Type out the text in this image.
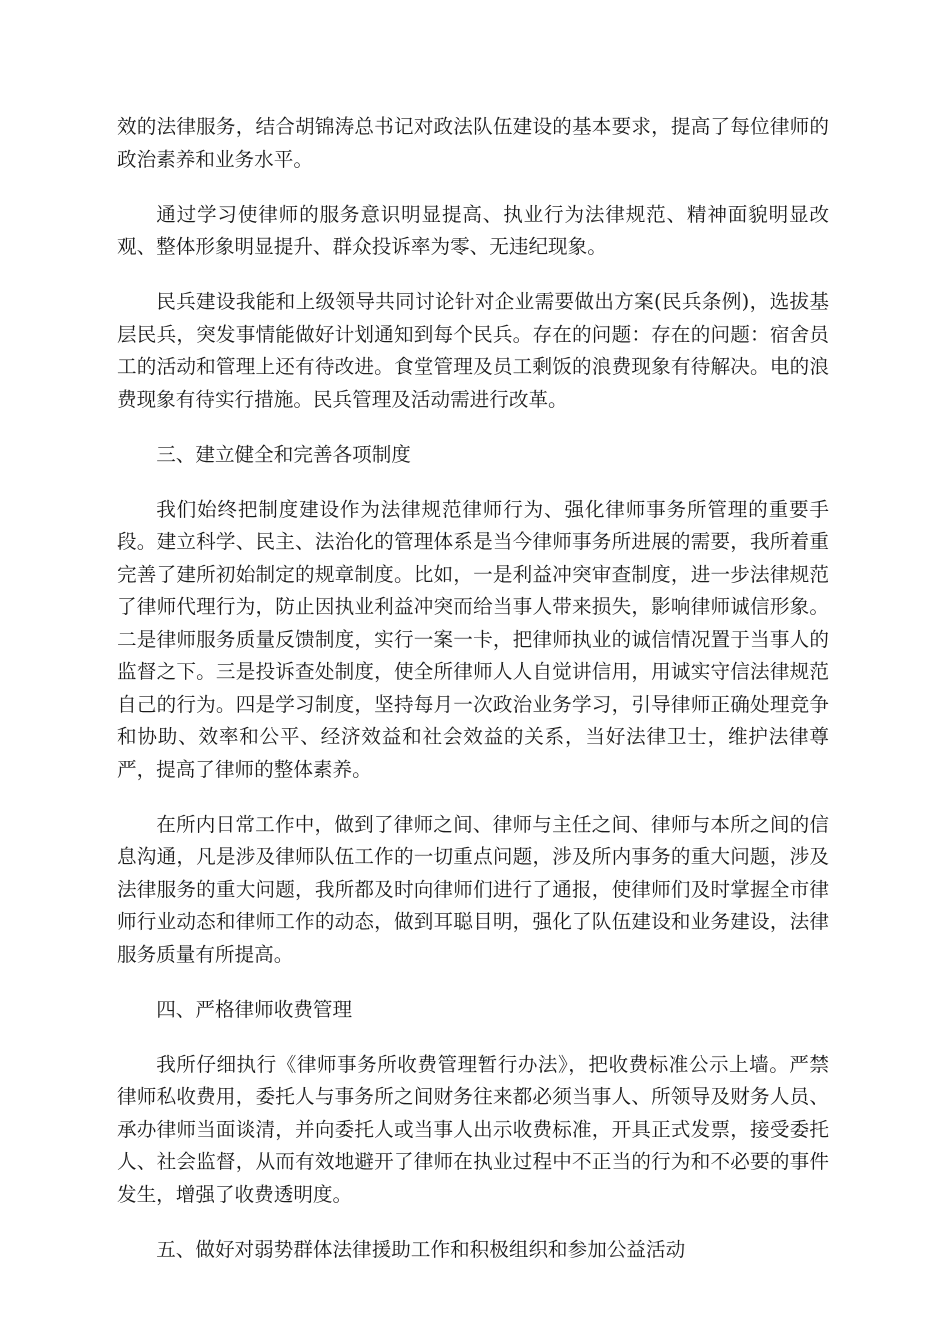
效的法律服务，结合胡锦涛总书记对政法队伍建设的基本要求，提高了每位律师的政治素养和业务水平。

通过学习使律师的服务意识明显提高、执业行为法律规范、精神面貌明显改观、整体形象明显提升、群众投诉率为零、无违纪现象。

民兵建设我能和上级领导共同讨论针对企业需要做出方案(民兵条例)，选拔基层民兵，突发事情能做好计划通知到每个民兵。存在的问题：存在的问题：宿舍员工的活动和管理上还有待改进。食堂管理及员工剩饭的浪费现象有待解决。电的浪费现象有待实行措施。民兵管理及活动需进行改革。

三、建立健全和完善各项制度

我们始终把制度建设作为法律规范律师行为、强化律师事务所管理的重要手段。建立科学、民主、法治化的管理体系是当今律师事务所进展的需要，我所着重完善了建所初始制定的规章制度。比如，一是利益冲突审查制度，进一步法律规范了律师代理行为，防止因执业利益冲突而给当事人带来损失，影响律师诚信形象。二是律师服务质量反馈制度，实行一案一卡，把律师执业的诚信情况置于当事人的监督之下。三是投诉查处制度，使全所律师人人自觉讲信用，用诚实守信法律规范自己的行为。四是学习制度，坚持每月一次政治业务学习，引导律师正确处理竞争和协助、效率和公平、经济效益和社会效益的关系，当好法律卫士，维护法律尊严，提高了律师的整体素养。

在所内日常工作中，做到了律师之间、律师与主任之间、律师与本所之间的信息沟通，凡是涉及律师队伍工作的一切重点问题，涉及所内事务的重大问题，涉及法律服务的重大问题，我所都及时向律师们进行了通报，使律师们及时掌握全市律师行业动态和律师工作的动态，做到耳聪目明，强化了队伍建设和业务建设，法律服务质量有所提高。

四、严格律师收费管理

我所仔细执行《律师事务所收费管理暂行办法》，把收费标准公示上墙。严禁律师私收费用，委托人与事务所之间财务往来都必须当事人、所领导及财务人员、承办律师当面谈清，并向委托人或当事人出示收费标准，开具正式发票，接受委托人、社会监督，从而有效地避开了律师在执业过程中不正当的行为和不必要的事件发生，增强了收费透明度。

五、做好对弱势群体法律援助工作和积极组织和参加公益活动
